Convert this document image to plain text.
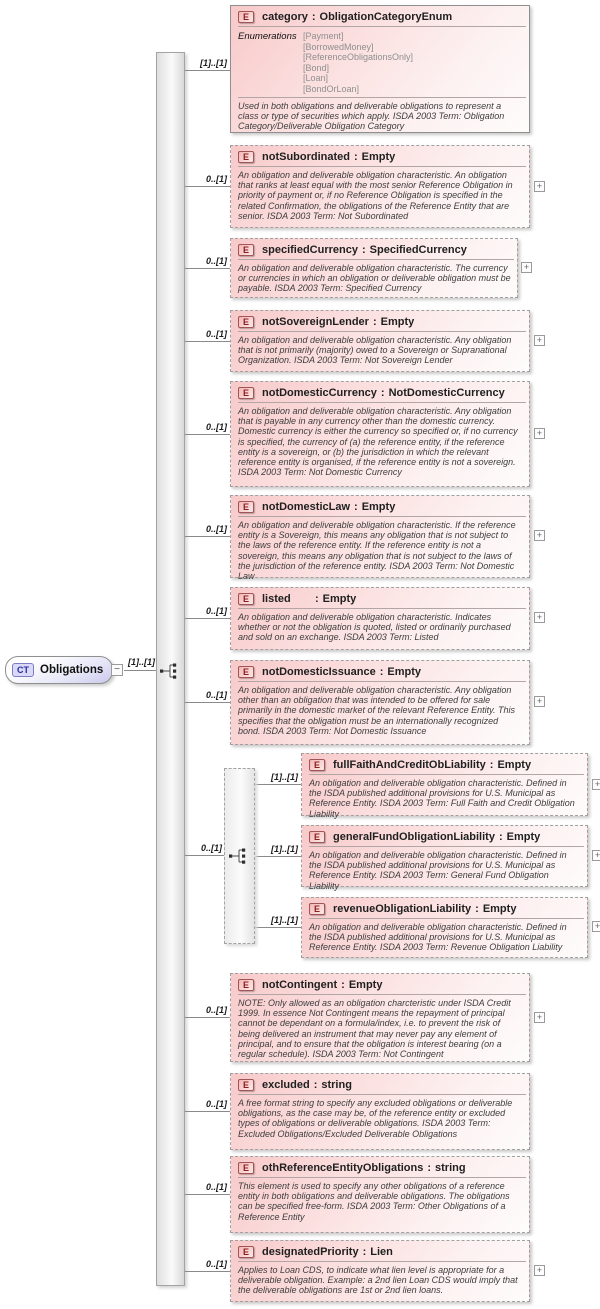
CT Obligations	−
[1]..[1]
[1]..[1]
0..[1]
0..[1]
0..[1]
0..[1]
0..[1]
0..[1]
0..[1]
0..[1]
[1]..[1]
[1]..[1]
[1]..[1]
0..[1]
0..[1]
0..[1]
0..[1]
E	category : ObligationCategoryEnum
Enumerations [Payment]
[BorrowedMoney]
[ReferenceObligationsOnly]
[Bond]
[Loan]
[BondOrLoan]
Used in both obligations and deliverable obligations to represent a class or type of securities which apply. ISDA 2003 Term: Obligation Category/Deliverable Obligation Category
E	notSubordinated : Empty
An obligation and deliverable obligation characteristic. An obligation that ranks at least equal with the most senior Reference Obligation in priority of payment or, if no Reference Obligation is specified in the related Confirmation, the obligations of the Reference Entity that are senior. ISDA 2003 Term: Not Subordinated
+
E	specifiedCurrency : SpecifiedCurrency
An obligation and deliverable obligation characteristic. The currency or currencies in which an obligation or deliverable obligation must be payable. ISDA 2003 Term: Specified Currency
+
E	notSovereignLender : Empty
An obligation and deliverable obligation characteristic. Any obligation that is not primarily (majority) owed to a Sovereign or Supranational Organization. ISDA 2003 Term: Not Sovereign Lender
+
E	notDomesticCurrency : NotDomesticCurrency
An obligation and deliverable obligation characteristic. Any obligation that is payable in any currency other than the domestic currency. Domestic currency is either the currency so specified or, if no currency is specified, the currency of (a) the reference entity, if the reference entity is a sovereign, or (b) the jurisdiction in which the relevant reference entity is organised, if the reference entity is not a sovereign. ISDA 2003 Term: Not Domestic Currency
+
E	notDomesticLaw : Empty
An obligation and deliverable obligation characteristic. If the reference entity is a Sovereign, this means any obligation that is not subject to the laws of the reference entity. If the reference entity is not a sovereign, this means any obligation that is not subject to the laws of the jurisdiction of the reference entity. ISDA 2003 Term: Not Domestic Law
+
E	listed	: Empty
An obligation and deliverable obligation characteristic. Indicates whether or not the obligation is quoted, listed or ordinarily purchased and sold on an exchange. ISDA 2003 Term: Listed
+
E	notDomesticIssuance : Empty
An obligation and deliverable obligation characteristic. Any obligation other than an obligation that was intended to be offered for sale primarily in the domestic market of the relevant Reference Entity. This specifies that the obligation must be an internationally recognized bond. ISDA 2003 Term: Not Domestic Issuance
+
E	fullFaithAndCreditObLiability : Empty
An obligation and deliverable obligation characteristic. Defined in the ISDA published additional provisions for U.S. Municipal as Reference Entity. ISDA 2003 Term: Full Faith and Credit Obligation Liability
+
E	generalFundObligationLiability : Empty
An obligation and deliverable obligation characteristic. Defined in the ISDA published additional provisions for U.S. Municipal as Reference Entity. ISDA 2003 Term: General Fund Obligation Liability
+
E	revenueObligationLiability : Empty
An obligation and deliverable obligation characteristic. Defined in the ISDA published additional provisions for U.S. Municipal as Reference Entity. ISDA 2003 Term: Revenue Obligation Liability
+
E	notContingent : Empty
NOTE: Only allowed as an obligation charcteristic under ISDA Credit 1999. In essence Not Contingent means the repayment of principal cannot be dependant on a formula/index, i.e. to prevent the risk of being delivered an instrument that may never pay any element of principal, and to ensure that the obligation is interest bearing (on a regular schedule). ISDA 2003 Term: Not Contingent
+
E	excluded : string
A free format string to specify any excluded obligations or deliverable obligations, as the case may be, of the reference entity or excluded types of obligations or deliverable obligations. ISDA 2003 Term: Excluded Obligations/Excluded Deliverable Obligations
E	othReferenceEntityObligations : string
This element is used to specify any other obligations of a reference entity in both obligations and deliverable obligations. The obligations can be specified free-form. ISDA 2003 Term: Other Obligations of a Reference Entity
E	designatedPriority : Lien
Applies to Loan CDS, to indicate what lien level is appropriate for a deliverable obligation. Example: a 2nd lien Loan CDS would imply that the deliverable obligations are 1st or 2nd lien loans.
+
